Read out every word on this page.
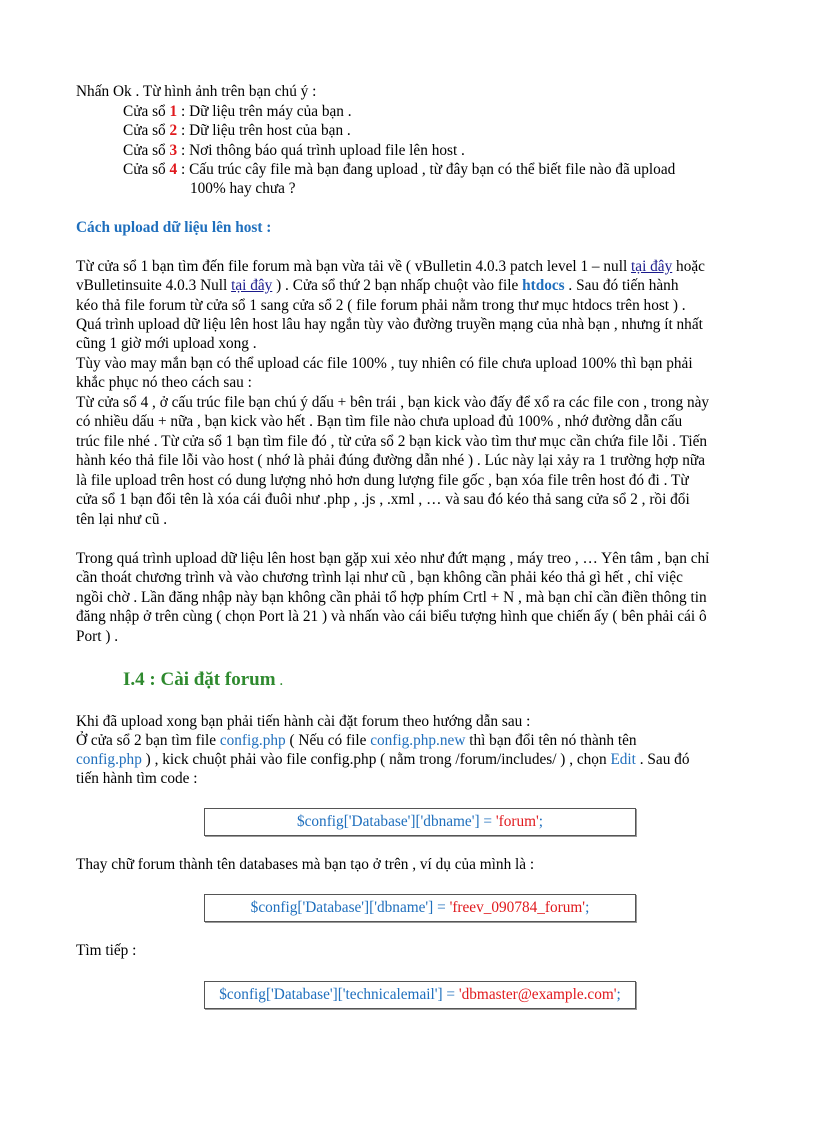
Nhấn Ok . Từ hình ảnh trên bạn chú ý :
Cửa sổ 1 : Dữ liệu trên máy của bạn .
Cửa sổ 2 : Dữ liệu trên host của bạn .
Cửa sổ 3 : Nơi thông báo quá trình upload file lên host .
Cửa sổ 4 : Cấu trúc cây file mà bạn đang upload , từ đây bạn có thể biết file nào đã upload
100% hay chưa ?
Cách upload dữ liệu lên host :
Từ cửa sổ 1 bạn tìm đến file forum mà bạn vừa tải về ( vBulletin 4.0.3 patch level 1 – null tại đây hoặc
vBulletinsuite 4.0.3 Null tại đây ) . Cửa sổ thứ 2 bạn nhấp chuột vào file htdocs . Sau đó tiến hành
kéo thả file forum từ cửa sổ 1 sang cửa sổ 2 ( file forum phải nằm trong thư mục htdocs trên host ) .
Quá trình upload dữ liệu lên host lâu hay ngắn tùy vào đường truyền mạng của nhà bạn , nhưng ít nhất
cũng 1 giờ mới upload xong .
Tùy vào may mắn bạn có thể upload các file 100% , tuy nhiên có file chưa upload 100% thì bạn phải
khắc phục nó theo cách sau :
Từ cửa sổ 4 , ở cấu trúc file bạn chú ý dấu + bên trái , bạn kick vào đấy để xổ ra các file con , trong này
có nhiều dấu + nữa , bạn kick vào hết . Bạn tìm file nào chưa upload đủ 100% , nhớ đường dẫn cấu
trúc file nhé . Từ cửa sổ 1 bạn tìm file đó , từ cửa sổ 2 bạn kick vào tìm thư mục cần chứa file lỗi . Tiến
hành kéo thả file lỗi vào host ( nhớ là phải đúng đường dẫn nhé ) . Lúc này lại xảy ra 1 trường hợp nữa
là file upload trên host có dung lượng nhỏ hơn dung lượng file gốc , bạn xóa file trên host đó đi . Từ
cửa sổ 1 bạn đổi tên là xóa cái đuôi như .php , .js , .xml , … và sau đó kéo thả sang cửa sổ 2 , rồi đổi
tên lại như cũ .
Trong quá trình upload dữ liệu lên host bạn gặp xui xẻo như đứt mạng , máy treo , … Yên tâm , bạn chỉ
cần thoát chương trình và vào chương trình lại như cũ , bạn không cần phải kéo thả gì hết , chỉ việc
ngồi chờ . Lần đăng nhập này bạn không cần phải tổ hợp phím Crtl + N , mà bạn chỉ cần điền thông tin
đăng nhập ở trên cùng ( chọn Port là 21 ) và nhấn vào cái biểu tượng hình que chiến ấy ( bên phải cái ô
Port ) .
I.4 : Cài đặt forum .
Khi đã upload xong bạn phải tiến hành cài đặt forum theo hướng dẫn sau :
Ở cửa sổ 2 bạn tìm file config.php ( Nếu có file config.php.new thì bạn đổi tên nó thành tên
config.php ) , kick chuột phải vào file config.php ( nằm trong /forum/includes/ ) , chọn Edit . Sau đó
tiến hành tìm code :
$config['Database']['dbname'] = 'forum';
Thay chữ forum thành tên databases mà bạn tạo ở trên , ví dụ của mình là :
$config['Database']['dbname'] = 'freev_090784_forum';
Tìm tiếp :
$config['Database']['technicalemail'] = 'dbmaster@example.com';
